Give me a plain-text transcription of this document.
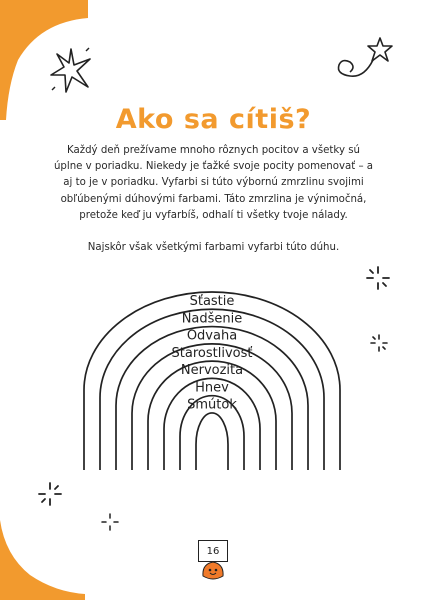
Ako sa cítiš?

Každý deň prežívame mnoho rôznych pocitov a všetky sú úplne v poriadku. Niekedy je ťažké svoje pocity pomenovať – a aj to je v poriadku. Vyfarbi si túto výbornú zmrzlinu svojimi obľúbenými dúhovými farbami. Táto zmrzlina je výnimočná, pretože keď ju vyfarbíš, odhalí ti všetky tvoje nálady.

Najskôr však všetkými farbami vyfarbi túto dúhu.

Šťastie
Nadšenie
Odvaha
Starostlivosť
Nervozita
Hnev
Smútok
16
